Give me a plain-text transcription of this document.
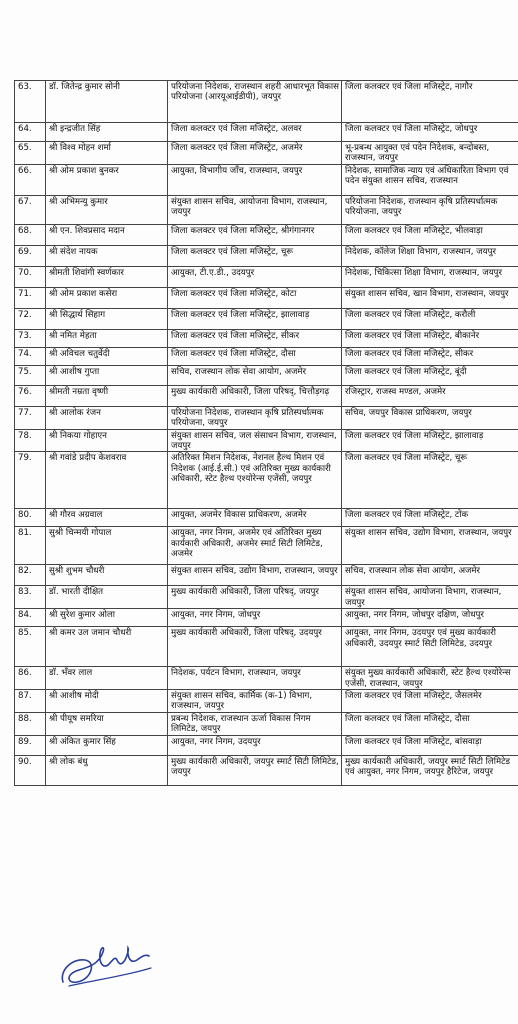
63.	डॉ. जितेन्द्र कुमार सोनी	परियोजना निदेशक, राजस्थान शहरी आधारभूत विकास परियोजना (आरयूआईडीपी), जयपुर	जिला कलक्टर एवं जिला मजिस्ट्रेट, नागौर
64.	श्री इन्द्रजीत सिंह	जिला कलक्टर एवं जिला मजिस्ट्रेट, अलवर	जिला कलक्टर एवं जिला मजिस्ट्रेट, जोधपुर
65.	श्री विश्व मोहन शर्मा	जिला कलक्टर एवं जिला मजिस्ट्रेट, अजमेर	भू-प्रबन्ध आयुक्त एवं पदेन निदेशक, बन्दोबस्त, राजस्थान, जयपुर
66.	श्री ओम प्रकाश बुनकर	आयुक्त, विभागीय जाँच, राजस्थान, जयपुर	निदेशक, सामाजिक न्याय एवं अधिकारिता विभाग एवं पदेन संयुक्त शासन सचिव, राजस्थान
67.	श्री अभिमन्यु कुमार	संयुक्त शासन सचिव, आयोजना विभाग, राजस्थान, जयपुर	परियोजना निदेशक, राजस्थान कृषि प्रतिस्पर्धात्मक परियोजना, जयपुर
68.	श्री एन. शिवप्रसाद मदान	जिला कलक्टर एवं जिला मजिस्ट्रेट, श्रीगंगानगर	जिला कलक्टर एवं जिला मजिस्ट्रेट, भीलवाड़ा
69.	श्री संदेश नायक	जिला कलक्टर एवं जिला मजिस्ट्रेट, चूरू	निदेशक, कॉलेज शिक्षा विभाग, राजस्थान, जयपुर
70.	श्रीमती शिवांगी स्वर्णकार	आयुक्त, टी.ए.डी., उदयपुर	निदेशक, चिकित्सा शिक्षा विभाग, राजस्थान, जयपुर
71.	श्री ओम प्रकाश कसेरा	जिला कलक्टर एवं जिला मजिस्ट्रेट, कोटा	संयुक्त शासन सचिव, खान विभाग, राजस्थान, जयपुर
72.	श्री सिद्धार्थ सिहाग	जिला कलक्टर एवं जिला मजिस्ट्रेट, झालावाड़	जिला कलक्टर एवं जिला मजिस्ट्रेट, करौली
73.	श्री नमित मेहता	जिला कलक्टर एवं जिला मजिस्ट्रेट, सीकर	जिला कलक्टर एवं जिला मजिस्ट्रेट, बीकानेर
74.	श्री अविचल चतुर्वेदी	जिला कलक्टर एवं जिला मजिस्ट्रेट, दौसा	जिला कलक्टर एवं जिला मजिस्ट्रेट, सीकर
75.	श्री आशीष गुप्ता	सचिव, राजस्थान लोक सेवा आयोग, अजमेर	जिला कलक्टर एवं जिला मजिस्ट्रेट, बूंदी
76.	श्रीमती नम्रता वृष्णी	मुख्य कार्यकारी अधिकारी, जिला परिषद्, चित्तौड़गढ़	रजिस्ट्रार, राजस्व मण्डल, अजमेर
77.	श्री आलोक रंजन	परियोजना निदेशक, राजस्थान कृषि प्रतिस्पर्धात्मक परियोजना, जयपुर	सचिव, जयपुर विकास प्राधिकरण, जयपुर
78.	श्री निकया गोहाएन	संयुक्त शासन सचिव, जल संसाधन विभाग, राजस्थान, जयपुर	जिला कलक्टर एवं जिला मजिस्ट्रेट, झालावाड़
79.	श्री गवांडे प्रदीप केशवराव	अतिरिक्त मिशन निदेशक, नेशनल हैल्थ मिशन एवं निदेशक (आई.ई.सी.) एवं अतिरिक्त मुख्य कार्यकारी अधिकारी, स्टेट हैल्थ एश्योरेन्स एजेंसी, जयपुर	जिला कलक्टर एवं जिला मजिस्ट्रेट, चूरू
80.	श्री गौरव अग्रवाल	आयुक्त, अजमेर विकास प्राधिकरण, अजमेर	जिला कलक्टर एवं जिला मजिस्ट्रेट, टोंक
81.	सुश्री चिन्मयी गोपाल	आयुक्त, नगर निगम, अजमेर एवं अतिरिक्त मुख्य कार्यकारी अधिकारी, अजमेर स्मार्ट सिटी लिमिटेड, अजमेर	संयुक्त शासन सचिव, उद्योग विभाग, राजस्थान, जयपुर
82.	सुश्री शुभम चौधरी	संयुक्त शासन सचिव, उद्योग विभाग, राजस्थान, जयपुर	सचिव, राजस्थान लोक सेवा आयोग, अजमेर
83.	डॉ. भारती दीक्षित	मुख्य कार्यकारी अधिकारी, जिला परिषद्, जयपुर	संयुक्त शासन सचिव, आयोजना विभाग, राजस्थान, जयपुर
84.	श्री सुरेश कुमार ओला	आयुक्त, नगर निगम, जोधपुर	आयुक्त, नगर निगम, जोधपुर दक्षिण, जोधपुर
85.	श्री कमर उल जमान चौधरी	मुख्य कार्यकारी अधिकारी, जिला परिषद्, उदयपुर	आयुक्त, नगर निगम, उदयपुर एवं मुख्य कार्यकारी अधिकारी, उदयपुर स्मार्ट सिटी लिमिटेड, उदयपुर
86.	डॉ. भँवर लाल	निदेशक, पर्यटन विभाग, राजस्थान, जयपुर	संयुक्त मुख्य कार्यकारी अधिकारी, स्टेट हैल्थ एश्योरेन्स एजेंसी, राजस्थान, जयपुर
87.	श्री आशीष मोदी	संयुक्त शासन सचिव, कार्मिक (क-1) विभाग, राजस्थान, जयपुर	जिला कलक्टर एवं जिला मजिस्ट्रेट, जैसलमेर
88.	श्री पीयूष समरिया	प्रबन्ध निदेशक, राजस्थान ऊर्जा विकास निगम लिमिटेड, जयपुर	जिला कलक्टर एवं जिला मजिस्ट्रेट, दौसा
89.	श्री अंकित कुमार सिंह	आयुक्त, नगर निगम, उदयपुर	जिला कलक्टर एवं जिला मजिस्ट्रेट, बांसवाड़ा
90.	श्री लोक बंधु	मुख्य कार्यकारी अधिकारी, जयपुर स्मार्ट सिटी लिमिटेड, जयपुर	मुख्य कार्यकारी अधिकारी, जयपुर स्मार्ट सिटी लिमिटेड एवं आयुक्त, नगर निगम, जयपुर हैरिटेज, जयपुर
